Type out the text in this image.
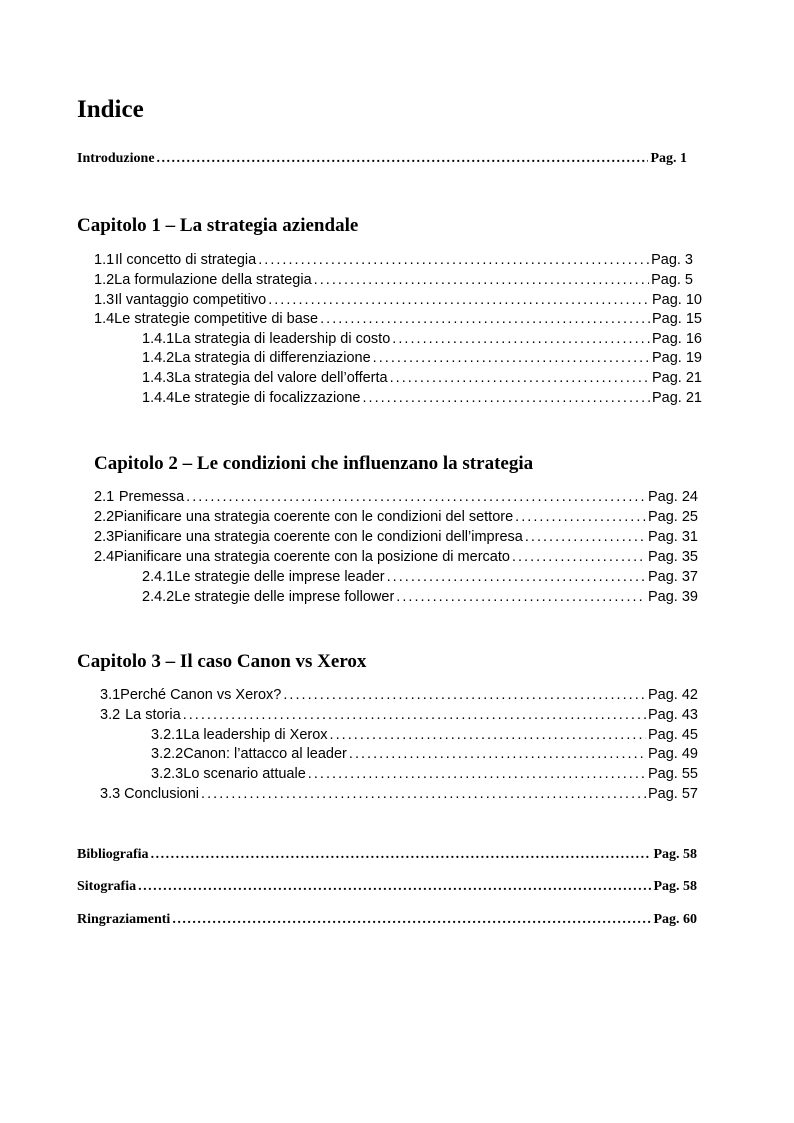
Indice
Introduzione . . .	Pag. 1
Capitolo 1 – La strategia aziendale
1.1 Il concetto di strategia . . .	Pag. 3
1.2 La formulazione della strategia . . .	Pag. 5
1.3 Il vantaggio competitivo . . .	Pag. 10
1.4 Le strategie competitive di base . . .	Pag. 15
1.4.1 La strategia di leadership di costo . . .	Pag. 16
1.4.2 La strategia di differenziazione . . .	Pag. 19
1.4.3 La strategia del valore dell’offerta . . .	Pag. 21
1.4.4 Le strategie di focalizzazione . . .	Pag. 21
Capitolo 2 – Le condizioni che influenzano la strategia
2.1 Premessa . . .	Pag. 24
2.2 Pianificare una strategia coerente con le condizioni del settore . . .	Pag. 25
2.3 Pianificare una strategia coerente con le condizioni dell’impresa . . .	Pag. 31
2.4 Pianificare una strategia coerente con la posizione di mercato . . .	Pag. 35
2.4.1 Le strategie delle imprese leader . . .	Pag. 37
2.4.2 Le strategie delle imprese follower . . .	Pag. 39
Capitolo 3 – Il caso Canon vs Xerox
3.1 Perché Canon vs Xerox? . . .	Pag. 42
3.2 La storia . . .	Pag. 43
3.2.1 La leadership di Xerox . . .	Pag. 45
3.2.2 Canon: l’attacco al leader . . .	Pag. 49
3.2.3 Lo scenario attuale . . .	Pag. 55
3.3 Conclusioni . . .	Pag. 57
Bibliografia . . .	Pag. 58
Sitografia . . .	Pag. 58
Ringraziamenti . . .	Pag. 60
